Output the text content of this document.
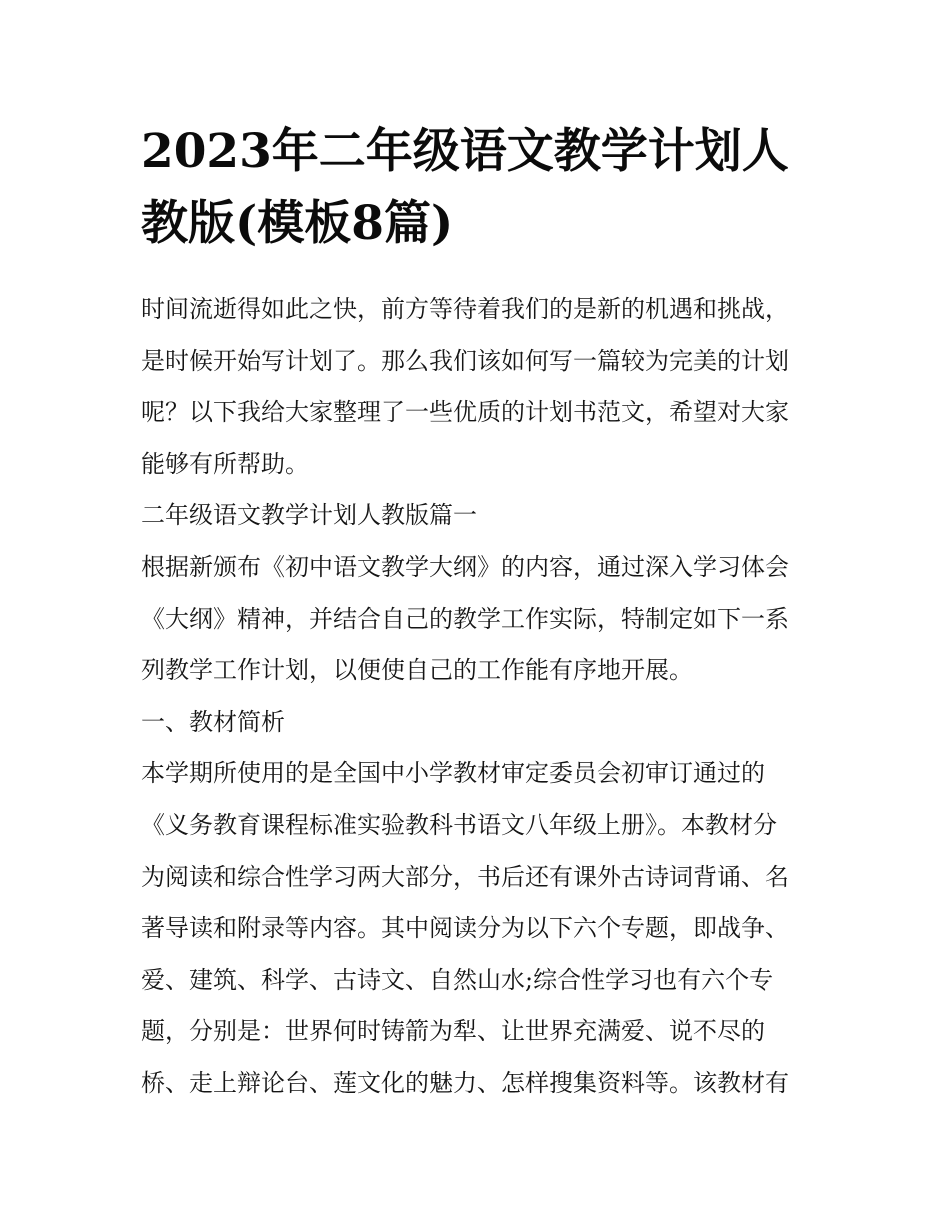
2023年二年级语文教学计划人
教版(模板8篇)
时间流逝得如此之快，前方等待着我们的是新的机遇和挑战，
是时候开始写计划了。那么我们该如何写一篇较为完美的计划
呢？以下我给大家整理了一些优质的计划书范文，希望对大家
能够有所帮助。
二年级语文教学计划人教版篇一
根据新颁布《初中语文教学大纲》的内容，通过深入学习体会
《大纲》精神，并结合自己的教学工作实际，特制定如下一系
列教学工作计划，以便使自己的工作能有序地开展。
一、教材简析
本学期所使用的是全国中小学教材审定委员会初审订通过的
《义务教育课程标准实验教科书语文八年级上册》。本教材分
为阅读和综合性学习两大部分，书后还有课外古诗词背诵、名
著导读和附录等内容。其中阅读分为以下六个专题，即战争、
爱、建筑、科学、古诗文、自然山水;综合性学习也有六个专
题，分别是：世界何时铸箭为犁、让世界充满爱、说不尽的
桥、走上辩论台、莲文化的魅力、怎样搜集资料等。该教材有
